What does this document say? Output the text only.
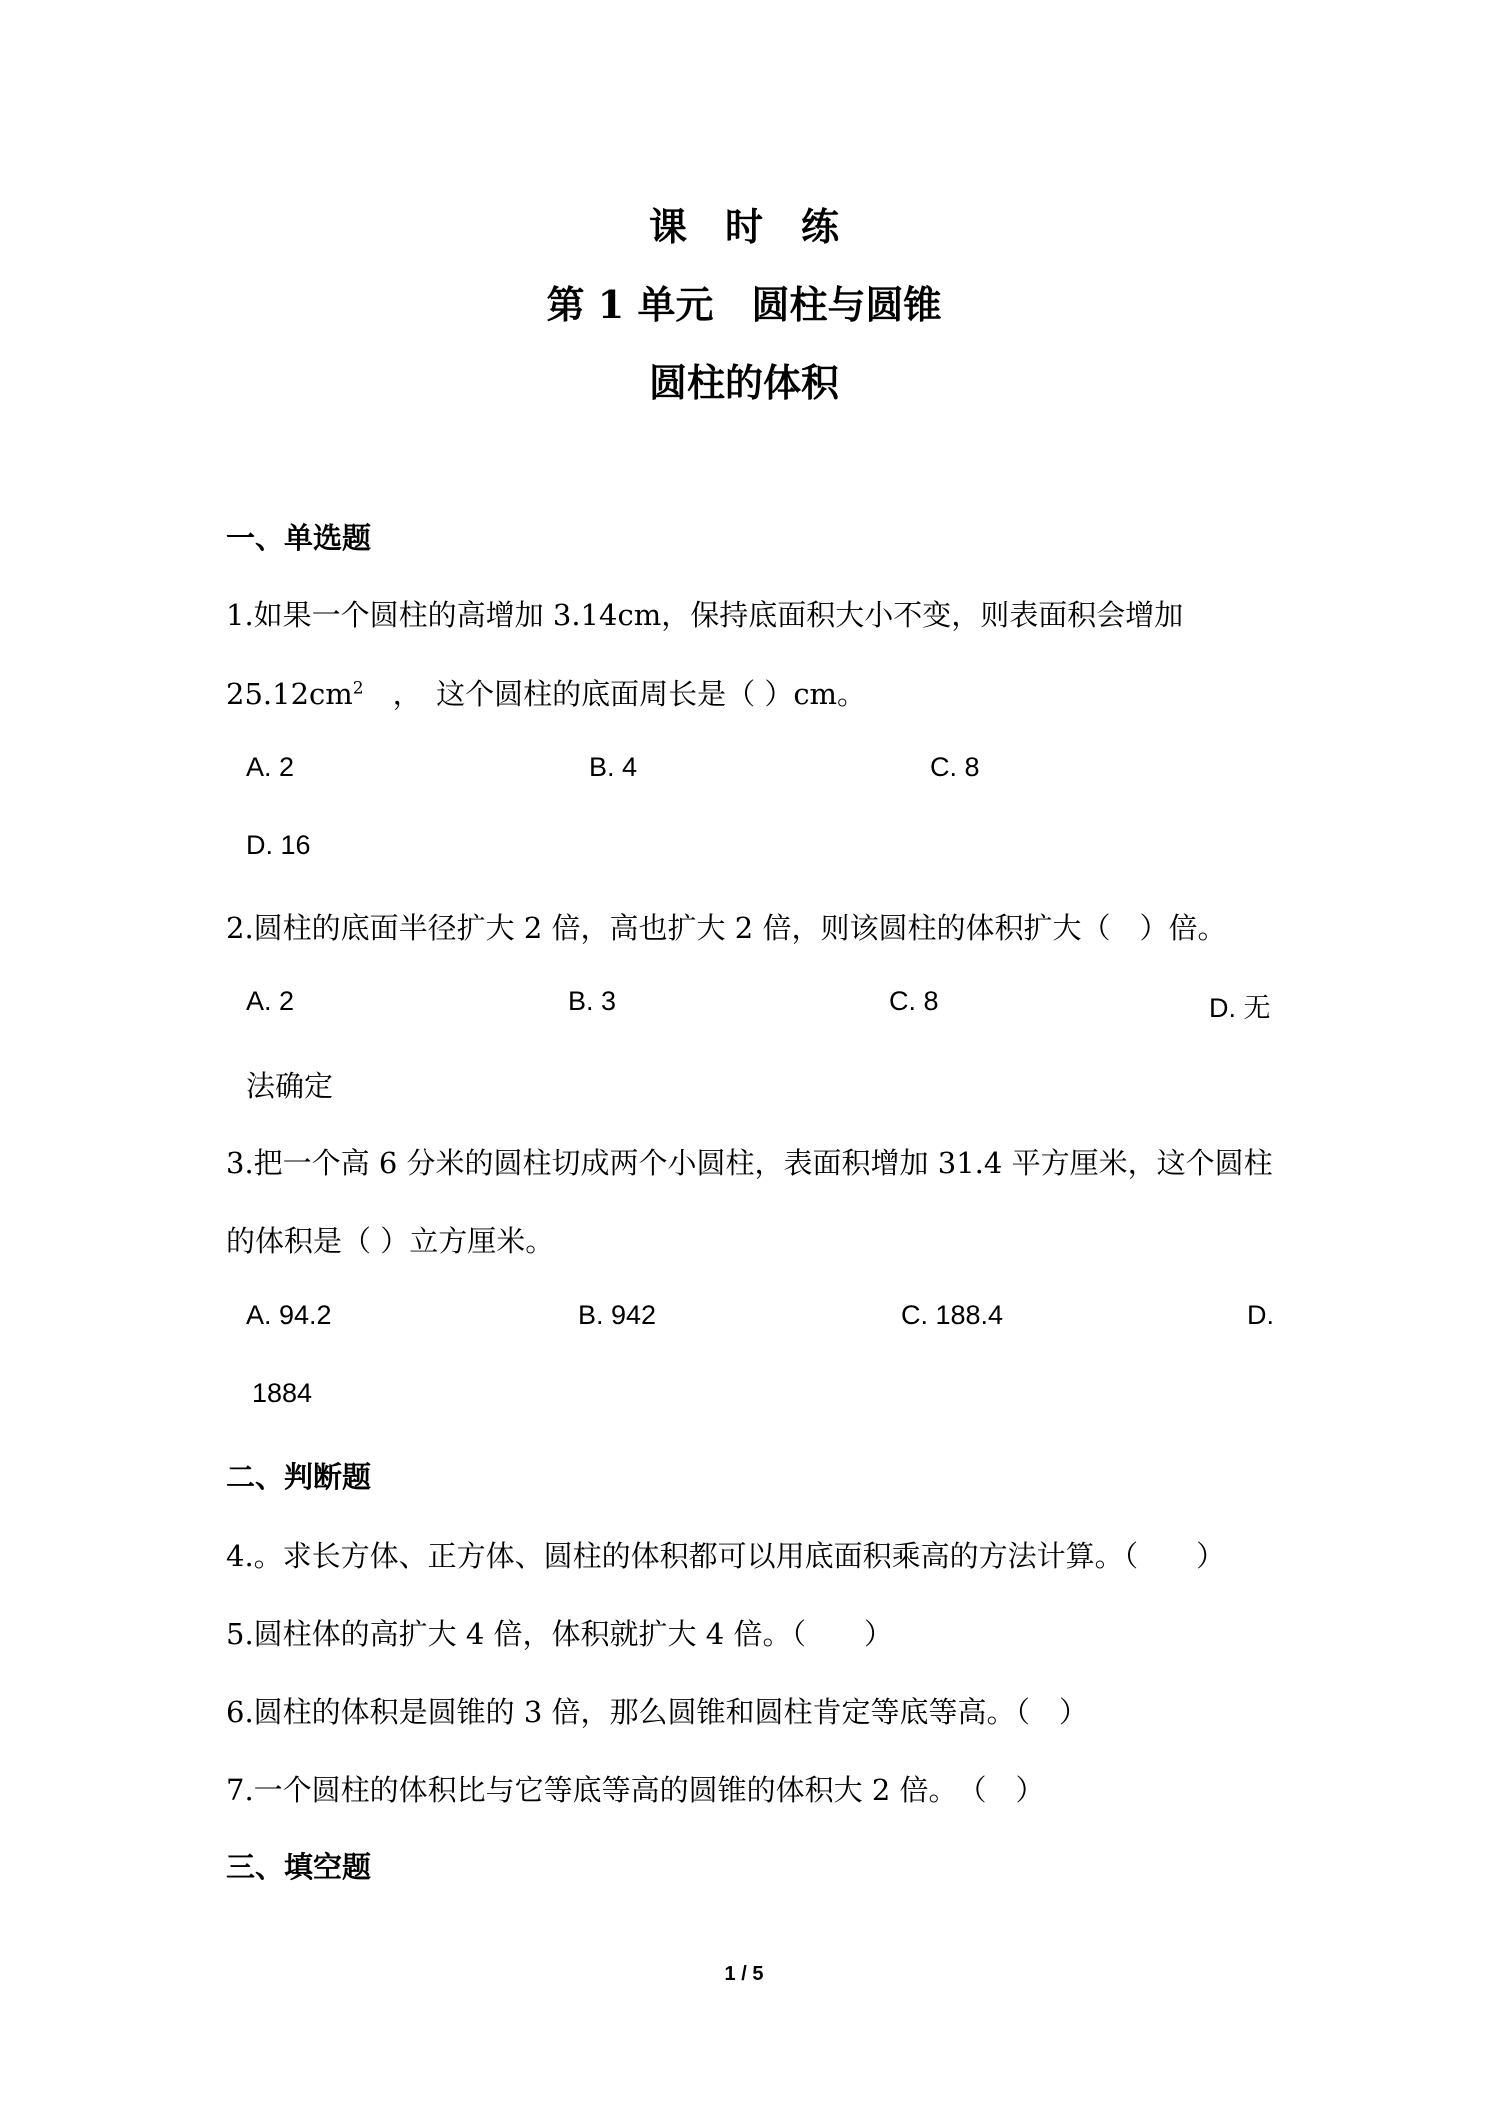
课　时　练
第 1 单元　圆柱与圆锥
圆柱的体积
一、单选题
1.如果一个圆柱的高增加 3.14cm，保持底面积大小不变，则表面积会增加
$25.12cm^2$　，　这个圆柱的底面周长是（ ）cm。
A. 2	B. 4	C. 8
D. 16
2.圆柱的底面半径扩大 2 倍，高也扩大 2 倍，则该圆柱的体积扩大（　）倍。
A. 2	B. 3	C. 8	D. 无
法确定
3.把一个高 6 分米的圆柱切成两个小圆柱，表面积增加 31.4 平方厘米，这个圆柱
的体积是（ ）立方厘米。
A. 94.2	B. 942	C. 188.4	D.
1884
二、判断题
4.。求长方体、正方体、圆柱的体积都可以用底面积乘高的方法计算。（　　）
5.圆柱体的高扩大 4 倍，体积就扩大 4 倍。（　　）
6.圆柱的体积是圆锥的 3 倍，那么圆锥和圆柱肯定等底等高。（　）
7.一个圆柱的体积比与它等底等高的圆锥的体积大 2 倍。　（　）
三、填空题
1 / 5
